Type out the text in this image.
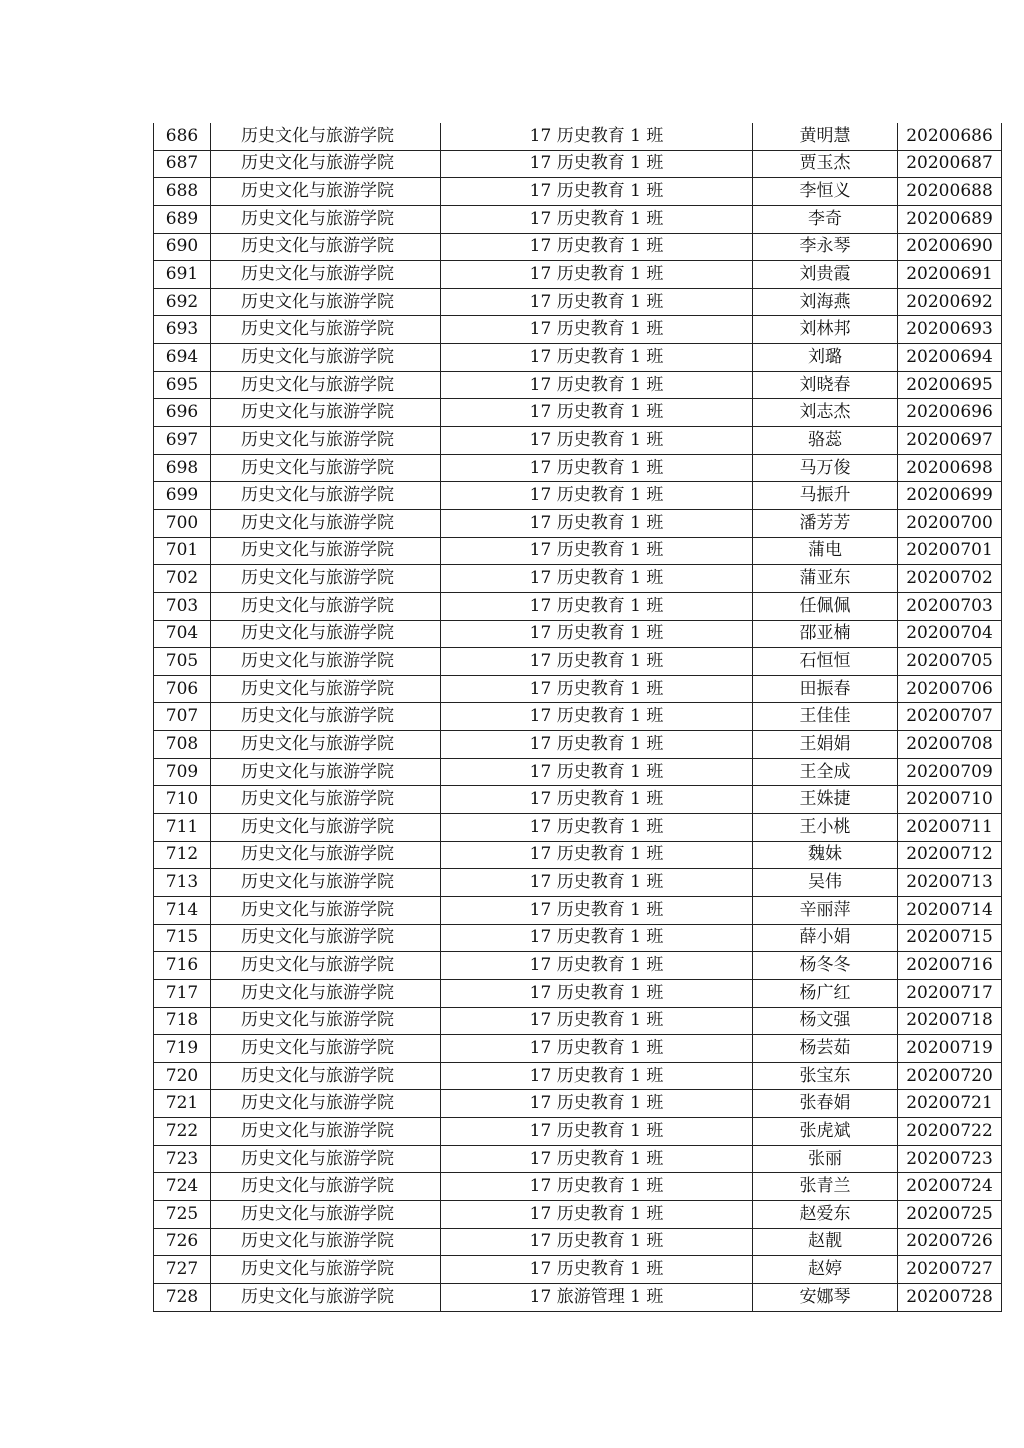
686	历史文化与旅游学院	17 历史教育 1 班	黄明慧	20200686
687	历史文化与旅游学院	17 历史教育 1 班	贾玉杰	20200687
688	历史文化与旅游学院	17 历史教育 1 班	李恒义	20200688
689	历史文化与旅游学院	17 历史教育 1 班	李奇	20200689
690	历史文化与旅游学院	17 历史教育 1 班	李永琴	20200690
691	历史文化与旅游学院	17 历史教育 1 班	刘贵霞	20200691
692	历史文化与旅游学院	17 历史教育 1 班	刘海燕	20200692
693	历史文化与旅游学院	17 历史教育 1 班	刘林邦	20200693
694	历史文化与旅游学院	17 历史教育 1 班	刘璐	20200694
695	历史文化与旅游学院	17 历史教育 1 班	刘晓春	20200695
696	历史文化与旅游学院	17 历史教育 1 班	刘志杰	20200696
697	历史文化与旅游学院	17 历史教育 1 班	骆蕊	20200697
698	历史文化与旅游学院	17 历史教育 1 班	马万俊	20200698
699	历史文化与旅游学院	17 历史教育 1 班	马振升	20200699
700	历史文化与旅游学院	17 历史教育 1 班	潘芳芳	20200700
701	历史文化与旅游学院	17 历史教育 1 班	蒲电	20200701
702	历史文化与旅游学院	17 历史教育 1 班	蒲亚东	20200702
703	历史文化与旅游学院	17 历史教育 1 班	任佩佩	20200703
704	历史文化与旅游学院	17 历史教育 1 班	邵亚楠	20200704
705	历史文化与旅游学院	17 历史教育 1 班	石恒恒	20200705
706	历史文化与旅游学院	17 历史教育 1 班	田振春	20200706
707	历史文化与旅游学院	17 历史教育 1 班	王佳佳	20200707
708	历史文化与旅游学院	17 历史教育 1 班	王娟娟	20200708
709	历史文化与旅游学院	17 历史教育 1 班	王全成	20200709
710	历史文化与旅游学院	17 历史教育 1 班	王姝捷	20200710
711	历史文化与旅游学院	17 历史教育 1 班	王小桃	20200711
712	历史文化与旅游学院	17 历史教育 1 班	魏妹	20200712
713	历史文化与旅游学院	17 历史教育 1 班	吴伟	20200713
714	历史文化与旅游学院	17 历史教育 1 班	辛丽萍	20200714
715	历史文化与旅游学院	17 历史教育 1 班	薛小娟	20200715
716	历史文化与旅游学院	17 历史教育 1 班	杨冬冬	20200716
717	历史文化与旅游学院	17 历史教育 1 班	杨广红	20200717
718	历史文化与旅游学院	17 历史教育 1 班	杨文强	20200718
719	历史文化与旅游学院	17 历史教育 1 班	杨芸茹	20200719
720	历史文化与旅游学院	17 历史教育 1 班	张宝东	20200720
721	历史文化与旅游学院	17 历史教育 1 班	张春娟	20200721
722	历史文化与旅游学院	17 历史教育 1 班	张虎斌	20200722
723	历史文化与旅游学院	17 历史教育 1 班	张丽	20200723
724	历史文化与旅游学院	17 历史教育 1 班	张青兰	20200724
725	历史文化与旅游学院	17 历史教育 1 班	赵爱东	20200725
726	历史文化与旅游学院	17 历史教育 1 班	赵靓	20200726
727	历史文化与旅游学院	17 历史教育 1 班	赵婷	20200727
728	历史文化与旅游学院	17 旅游管理 1 班	安娜琴	20200728
